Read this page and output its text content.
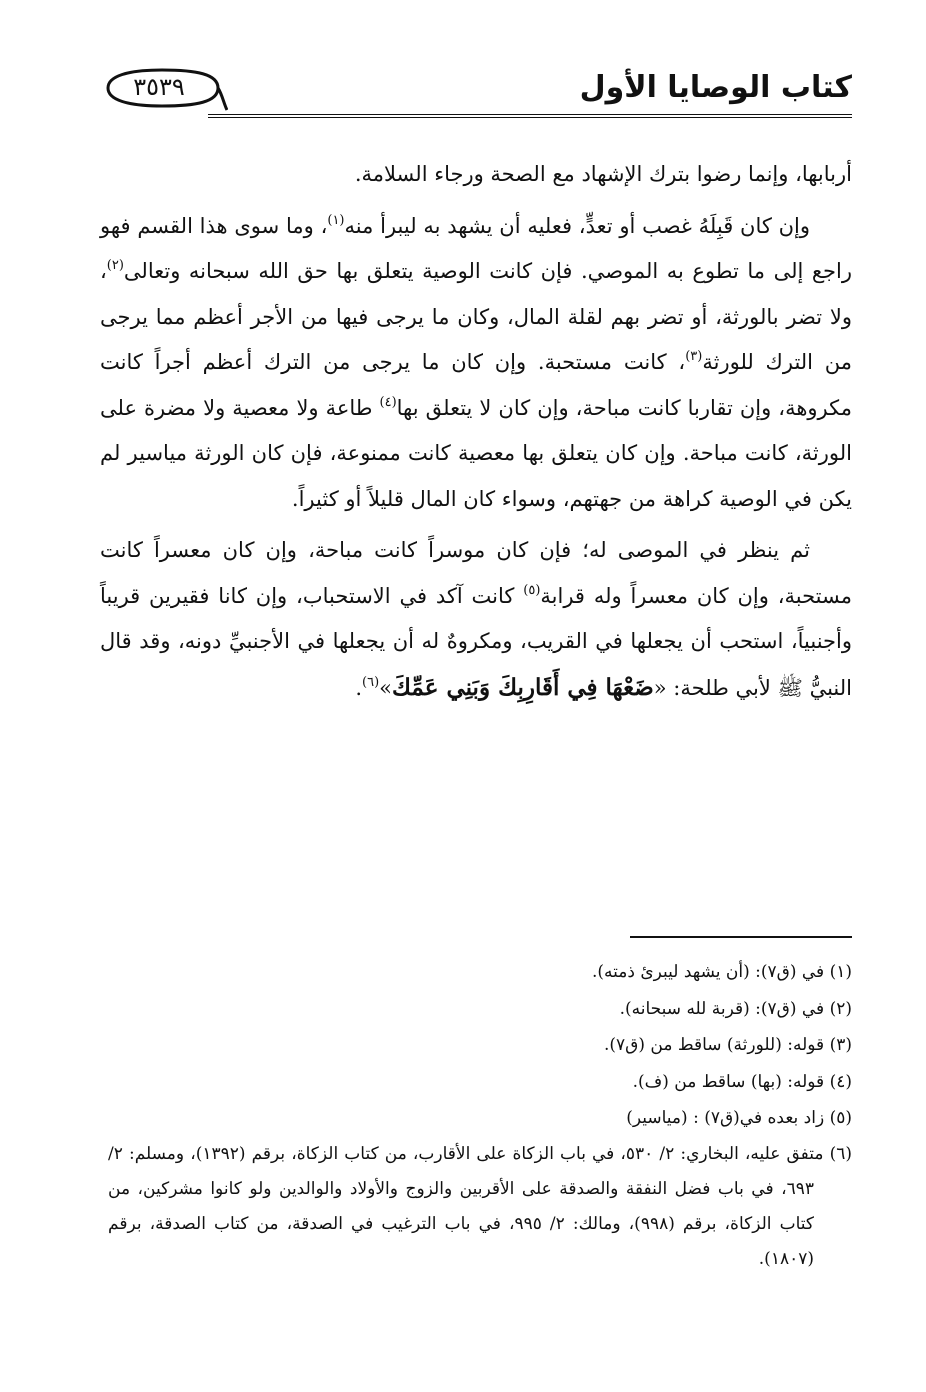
٣٥٣٩	كتاب الوصايا الأول

أربابها، وإنما رضوا بترك الإشهاد مع الصحة ورجاء السلامة.

وإن كان قَبِلَهُ غصب أو تعدٍّ، فعليه أن يشهد به ليبرأ منه$^{(١)}$، وما سوى هذا القسم فهو راجع إلى ما تطوع به الموصي. فإن كانت الوصية يتعلق بها حق الله سبحانه وتعالى$^{(٢)}$، ولا تضر بالورثة، أو تضر بهم لقلة المال، وكان ما يرجى فيها من الأجر أعظم مما يرجى من الترك للورثة$^{(٣)}$، كانت مستحبة. وإن كان ما يرجى من الترك أعظم أجراً كانت مكروهة، وإن تقاربا كانت مباحة، وإن كان لا يتعلق بها$^{(٤)}$ طاعة ولا معصية ولا مضرة على الورثة، كانت مباحة. وإن كان يتعلق بها معصية كانت ممنوعة، فإن كان الورثة مياسير لم يكن في الوصية كراهة من جهتهم، وسواء كان المال قليلاً أو كثيراً.

ثم ينظر في الموصى له؛ فإن كان موسراً كانت مباحة، وإن كان معسراً كانت مستحبة، وإن كان معسراً وله قرابة$^{(٥)}$ كانت آكد في الاستحباب، وإن كانا فقيرين قريباً وأجنبياً، استحب أن يجعلها في القريب، ومكروهٌ له أن يجعلها في الأجنبيِّ دونه، وقد قال النبيُّ ﷺ لأبي طلحة: «ضَعْهَا فِي أَقَارِبِكَ وَبَنِي عَمِّكَ»$^{(٦)}$.

(١) في (ق٧): (أن يشهد ليبرئ ذمته).

(٢) في (ق٧): (قربة لله سبحانه).

(٣) قوله: (للورثة) ساقط من (ق٧).

(٤) قوله: (بها) ساقط من (ف).

(٥) زاد بعده في(ق٧) : (مياسير)

(٦) متفق عليه، البخاري: ٢/ ٥٣٠، في باب الزكاة على الأقارب، من كتاب الزكاة، برقم (١٣٩٢)، ومسلم: ٢/ ٦٩٣، في باب فضل النفقة والصدقة على الأقربين والزوج والأولاد والوالدين ولو كانوا مشركين، من كتاب الزكاة، برقم (٩٩٨)، ومالك: ٢/ ٩٩٥، في باب الترغيب في الصدقة، من كتاب الصدقة، برقم (١٨٠٧).
